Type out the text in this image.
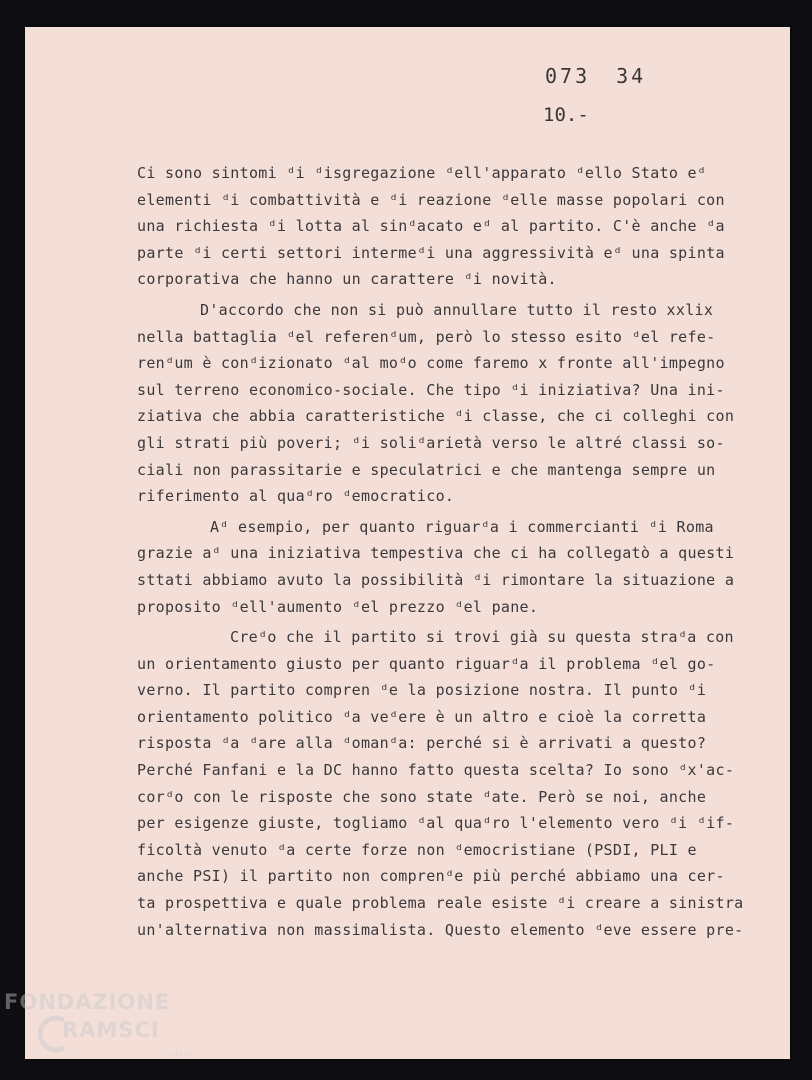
073 34
10.-
Ci sono sintomi ᵈi ᵈisgregazione ᵈell'apparato ᵈello Stato eᵈ
elementi ᵈi combattività e ᵈi reazione ᵈelle masse popolari con
una richiesta ᵈi lotta al sinᵈacato eᵈ al partito. C'è anche ᵈa
parte ᵈi certi settori intermeᵈi una aggressività eᵈ una spinta
corporativa che hanno un carattere ᵈi novità.
D'accordo che non si può annullare tutto il resto xxlix
nella battaglia ᵈel referenᵈum, però lo stesso esito ᵈel refe-
renᵈum è conᵈizionato ᵈal moᵈo come faremo x fronte all'impegno
sul terreno economico-sociale. Che tipo ᵈi iniziativa? Una ini-
ziativa che abbia caratteristiche ᵈi classe, che ci colleghi con
gli strati più poveri; ᵈi soliᵈarietà verso le altré classi so-
ciali non parassitarie e speculatrici e che mantenga sempre un
riferimento al quaᵈro ᵈemocratico.
Aᵈ esempio, per quanto riguarᵈa i commercianti ᵈi Roma
grazie aᵈ una iniziativa tempestiva che ci ha collegatò a questi
sttati abbiamo avuto la possibilità ᵈi rimontare la situazione a
proposito ᵈell'aumento ᵈel prezzo ᵈel pane.
Creᵈo che il partito si trovi già su questa straᵈa con
un orientamento giusto per quanto riguarᵈa il problema ᵈel go-
verno. Il partito compren ᵈe la posizione nostra. Il punto ᵈi
orientamento politico ᵈa veᵈere è un altro e cioè la corretta
risposta ᵈa ᵈare alla ᵈomanᵈa: perché si è arrivati a questo?
Perché Fanfani e la DC hanno fatto questa scelta? Io sono ᵈx'ac-
corᵈo con le risposte che sono state ᵈate. Però se noi, anche
per esigenze giuste, togliamo ᵈal quaᵈro l'elemento vero ᵈi ᵈif-
ficoltà venuto ᵈa certe forze non ᵈemocristiane (PSDI, PLI e
anche PSI) il partito non comprenᵈe più perché abbiamo una cer-
ta prospettiva e quale problema reale esiste ᵈi creare a sinistra
un'alternativa non massimalista. Questo elemento ᵈeve essere pre-
FONDAZIONE
RAMSCI
online
